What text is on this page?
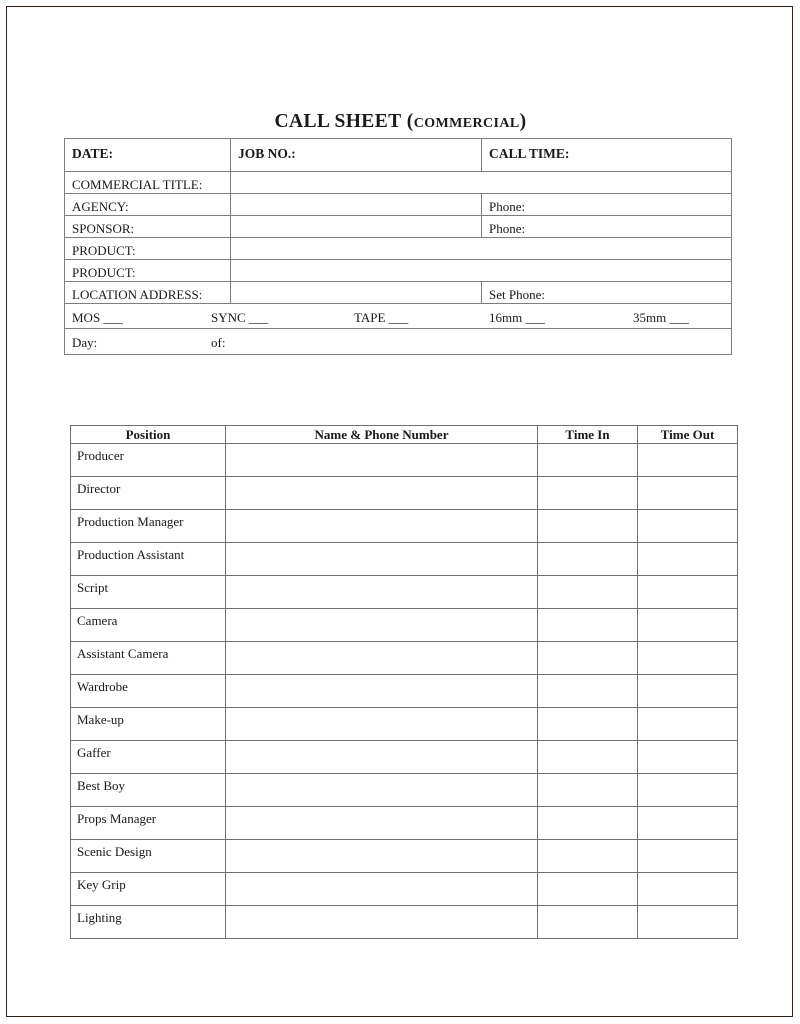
CALL SHEET (commercial)
DATE:	JOB NO.:	CALL TIME:

COMMERCIAL TITLE:		

AGENCY:		Phone:

SPONSOR:		Phone:

PRODUCT:		

PRODUCT:		

LOCATION ADDRESS:		Set Phone:

MOS ___ SYNC ___ TAPE ___ 16mm ___ 35mm ___		

Day: of:		
Position	Name & Phone Number	Time In	Time Out

Producer			

Director			

Production Manager			

Production Assistant			

Script			

Camera			

Assistant Camera			

Wardrobe			

Make-up			

Gaffer			

Best Boy			

Props Manager			

Scenic Design			

Key Grip			

Lighting			
